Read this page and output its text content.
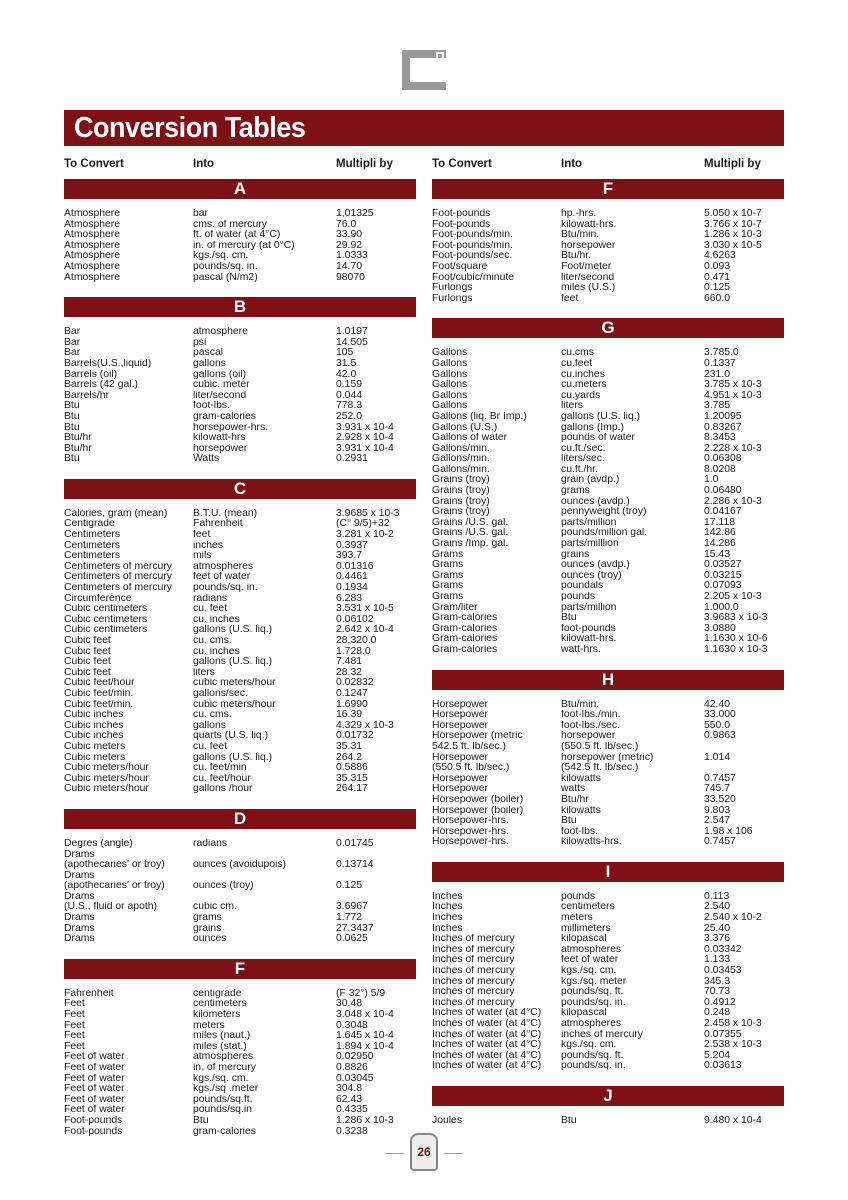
Conversion Tables
To Convert	Into	Multipli by
A
Atmosphere	bar	1,01325
Atmosphere	cms. of mercury	76.0
Atmosphere	ft. of water (at 4°C)	33.90
Atmosphere	in. of mercury (at 0°C)	29.92
Atmosphere	kgs./sq. cm.	1.0333
Atmosphere	pounds/sq. in.	14.70
Atmosphere	pascal (N/m2)	98070
B
Bar	atmosphere	1.0197
Bar	psi	14.505
Bar	pascal	105
Barrels(U.S.,liquid)	gallons	31.5
Barrels (oil)	gallons (oil)	42.0
Barrels (42 gal.)	cubic. meter	0.159
Barrels/hr	liter/second	0.044
Btu	foot-lbs.	778.3
Btu	gram-calories	252.0
Btu	horsepower-hrs.	3.931 x 10-4
Btu/hr	kilowatt-hrs	2.928 x 10-4
Btu/hr	horsepower	3.931 x 10-4
Btu	Watts	0.2931
C
Calories, gram (mean)	B.T.U. (mean)	3.9685 x 10-3
Centigrade	Fahrenheit	(C° 9/5)+32
Centimeters	feet	3.281 x 10-2
Centimeters	inches	0.3937
Centimeters	mils	393.7
Centimeters of mercury	atmospheres	0.01316
Centimeters of mercury	feet of water	0.4461
Centimeters of mercury	pounds/sq. in.	0.1934
Circumference	radians	6.283
Cubic centimeters	cu. feet	3.531 x 10-5
Cubic centimeters	cu. inches	0.06102
Cubic centimeters	gallons (U.S. liq.)	2.642 x 10-4
Cubic feet	cu. cms.	28.320.0
Cubic feet	cu. inches	1.728.0
Cubic feet	gallons (U.S. liq.)	7.481
Cubic feet	liters	28.32
Cubic feet/hour	cubic meters/hour	0.02832
Cubic feet/min.	gallons/sec.	0.1247
Cubic feet/min.	cubic meters/hour	1.6990
Cubic inches	cu. cms.	16.39
Cubic inches	gallons	4.329 x 10-3
Cubic inches	quarts (U.S. liq.)	0.01732
Cubic meters	cu. feet	35.31
Cubic meters	gallons (U.S. liq.)	264.2
Cubic meters/hour	cu. feet/min	0.5886
Cubic meters/hour	cu. feet/hour	35.315
Cubic meters/hour	gallons /hour	264.17
D
Degres (angle)	radians	0.01745
Drams
(apothecaries' or troy)	ounces (avoidupois)	0.13714
Drams
(apothecaries' or troy)	ounces (troy)	0.125
Drams
(U.S., fluid or apoth)	cubic cm.	3.6967
Drams	grams	1.772
Drams	grains	27.3437
Drams	ounces	0.0625
F
Fahrenheit	centigrade	(F 32°) 5/9
Feet	centimeters	30.48
Feet	kilometers	3.048 x 10-4
Feet	meters	0.3048
Feet	miles (naut.)	1.645 x 10-4
Feet	miles (stat.)	1.894 x 10-4
Feet of water	atmospheres	0.02950
Feet of water	in. of mercury	0.8826
Feet of water	kgs./sq. cm.	0.03045
Feet of water	kgs./sq .meter	304.8
Feet of water	pounds/sq.ft.	62.43
Feet of water	pounds/sq.in	0.4335
Foot-pounds	Btu	1.286 x 10-3
Foot-pounds	gram-calories	0.3238
To Convert	Into	Multipli by
F
Foot-pounds	hp.-hrs.	5.050 x 10-7
Foot-pounds	kilowatt-hrs.	3.766 x 10-7
Foot-pounds/min.	Btu/min.	1.286 x 10-3
Foot-pounds/min.	horsepower	3.030 x 10-5
Foot-pounds/sec.	Btu/hr.	4.6263
Foot/square	Foot/meter	0.093
Foot/cubic/minute	liter/second	0.471
Furlongs	miles (U.S.)	0.125
Furlongs	feet	660.0
G
Gallons	cu.cms	3.785.0
Gallons	cu.feet	0.1337
Gallons	cu.inches	231.0
Gallons	cu.meters	3.785 x 10-3
Gallons	cu.yards	4.951 x 10-3
Gallons	liters	3.785
Gallons (liq. Br Imp.)	gallons (U.S. liq.)	1.20095
Gallons (U.S.)	gallons (Imp.)	0.83267
Gallons of water	pounds of water	8.3453
Gallons/min.	cu.ft./sec.	2.228 x 10-3
Gallons/min.	liters/sec.	0.06308
Gallons/min.	cu.ft./hr.	8.0208
Grains (troy)	grain (avdp.)	1.0
Grains (troy)	grams	0.06480
Grains (troy)	ounces (avdp.)	2.286 x 10-3
Grains (troy)	pennyweight (troy)	0.04167
Grains /U.S. gal.	parts/million	17.118
Grains /U.S. gal.	pounds/million gal.	142.86
Grains /Imp. gal.	parts/milllion	14.286
Grams	grains	15.43
Grams	ounces (avdp.)	0.03527
Grams	ounces (troy)	0.03215
Grams	poundals	0.07093
Grams	pounds	2.205 x 10-3
Gram/liter	parts/million	1.000.0
Gram-calories	Btu	3.9683 x 10-3
Gram-calories	foot-pounds	3.0880
Gram-calories	kilowatt-hrs.	1.1630 x 10-6
Gram-calories	watt-hrs.	1.1630 x 10-3
H
Horsepower	Btu/min.	42.40
Horsepower	foot-lbs./min.	33.000
Horsepower	foot-lbs./sec.	550.0
Horsepower (metric	horsepower	0.9863
542.5 ft. lb/sec.)	(550.5 ft. lb/sec.)
Horsepower	horsepower (metric)	1.014
(550.5 ft. lb/sec.)	(542.5 ft. lb/sec.)
Horsepower	kilowatts	0.7457
Horsepower	watts	745.7
Horsepower (boiler)	Btu/hr	33.520
Horsepower (boiler)	kilowatts	9.803
Horsepower-hrs.	Btu	2.547
Horsepower-hrs.	foot-lbs.	1.98 x 106
Horsepower-hrs.	kilowatts-hrs.	0.7457
I
Inches	pounds	0.113
Inches	centimeters	2.540
Inches	meters	2.540 x 10-2
Inches	millimeters	25.40
Inches of mercury	kilopascal	3.376
Inches of mercury	atmospheres	0.03342
Inches of mercury	feet of water	1.133
Inches of mercury	kgs./sq. cm.	0.03453
Inches of mercury	kgs./sq. meter	345.3
Inches of mercury	pounds/sq. ft.	70.73
Inches of mercury	pounds/sq. in.	0.4912
Inches of water (at 4°C)	kilopascal	0.248
Inches of water (at 4°C)	atmospheres	2.458 x 10-3
Inches of water (at 4°C)	inches of mercury	0.07355
Inches of water (at 4°C)	kgs./sq. cm.	2.538 x 10-3
Inches of water (at 4°C)	pounds/sq. ft.	5.204
Inches of water (at 4°C)	pounds/sq. in.	0.03613
J
Joules	Btu	9.480 x 10-4
26
